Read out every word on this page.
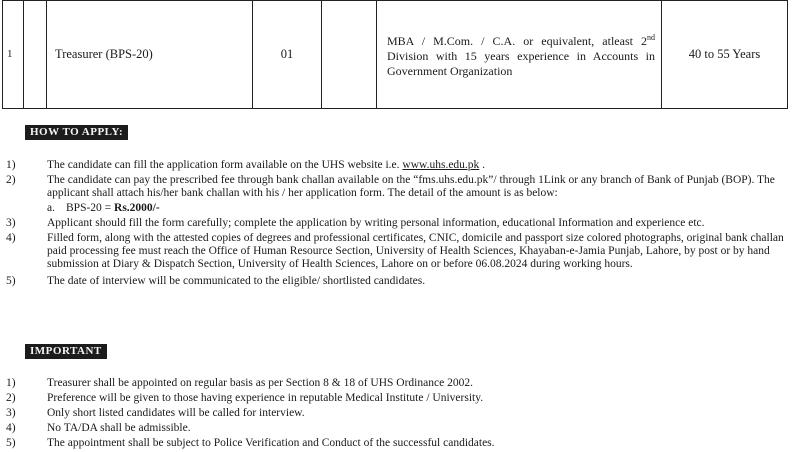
1		Treasurer (BPS-20)	01		MBA / M.Com. / C.A. or equivalent, atleast 2nd Division with 15 years experience in Accounts in Government Organization	40 to 55 Years
HOW TO APPLY:
1)	The candidate can fill the application form available on the UHS website i.e. www.uhs.edu.pk .
2)	The candidate can pay the prescribed fee through bank challan available on the “fms.uhs.edu.pk”/ through 1Link or any branch of Bank of Punjab (BOP). The applicant shall attach his/her bank challan with his / her application form. The detail of the amount is as below:
a. BPS-20 = Rs.2000/-
3)	Applicant should fill the form carefully; complete the application by writing personal information, educational Information and experience etc.
4)	Filled form, along with the attested copies of degrees and professional certificates, CNIC, domicile and passport size colored photographs, original bank challan paid processing fee must reach the Office of Human Resource Section, University of Health Sciences, Khayaban-e-Jamia Punjab, Lahore, by post or by hand submission at Diary & Dispatch Section, University of Health Sciences, Lahore on or before 06.08.2024 during working hours.
5)	The date of interview will be communicated to the eligible/ shortlisted candidates.
IMPORTANT
1)	Treasurer shall be appointed on regular basis as per Section 8 & 18 of UHS Ordinance 2002.
2)	Preference will be given to those having experience in reputable Medical Institute / University.
3)	Only short listed candidates will be called for interview.
4)	No TA/DA shall be admissible.
5)	The appointment shall be subject to Police Verification and Conduct of the successful candidates.
